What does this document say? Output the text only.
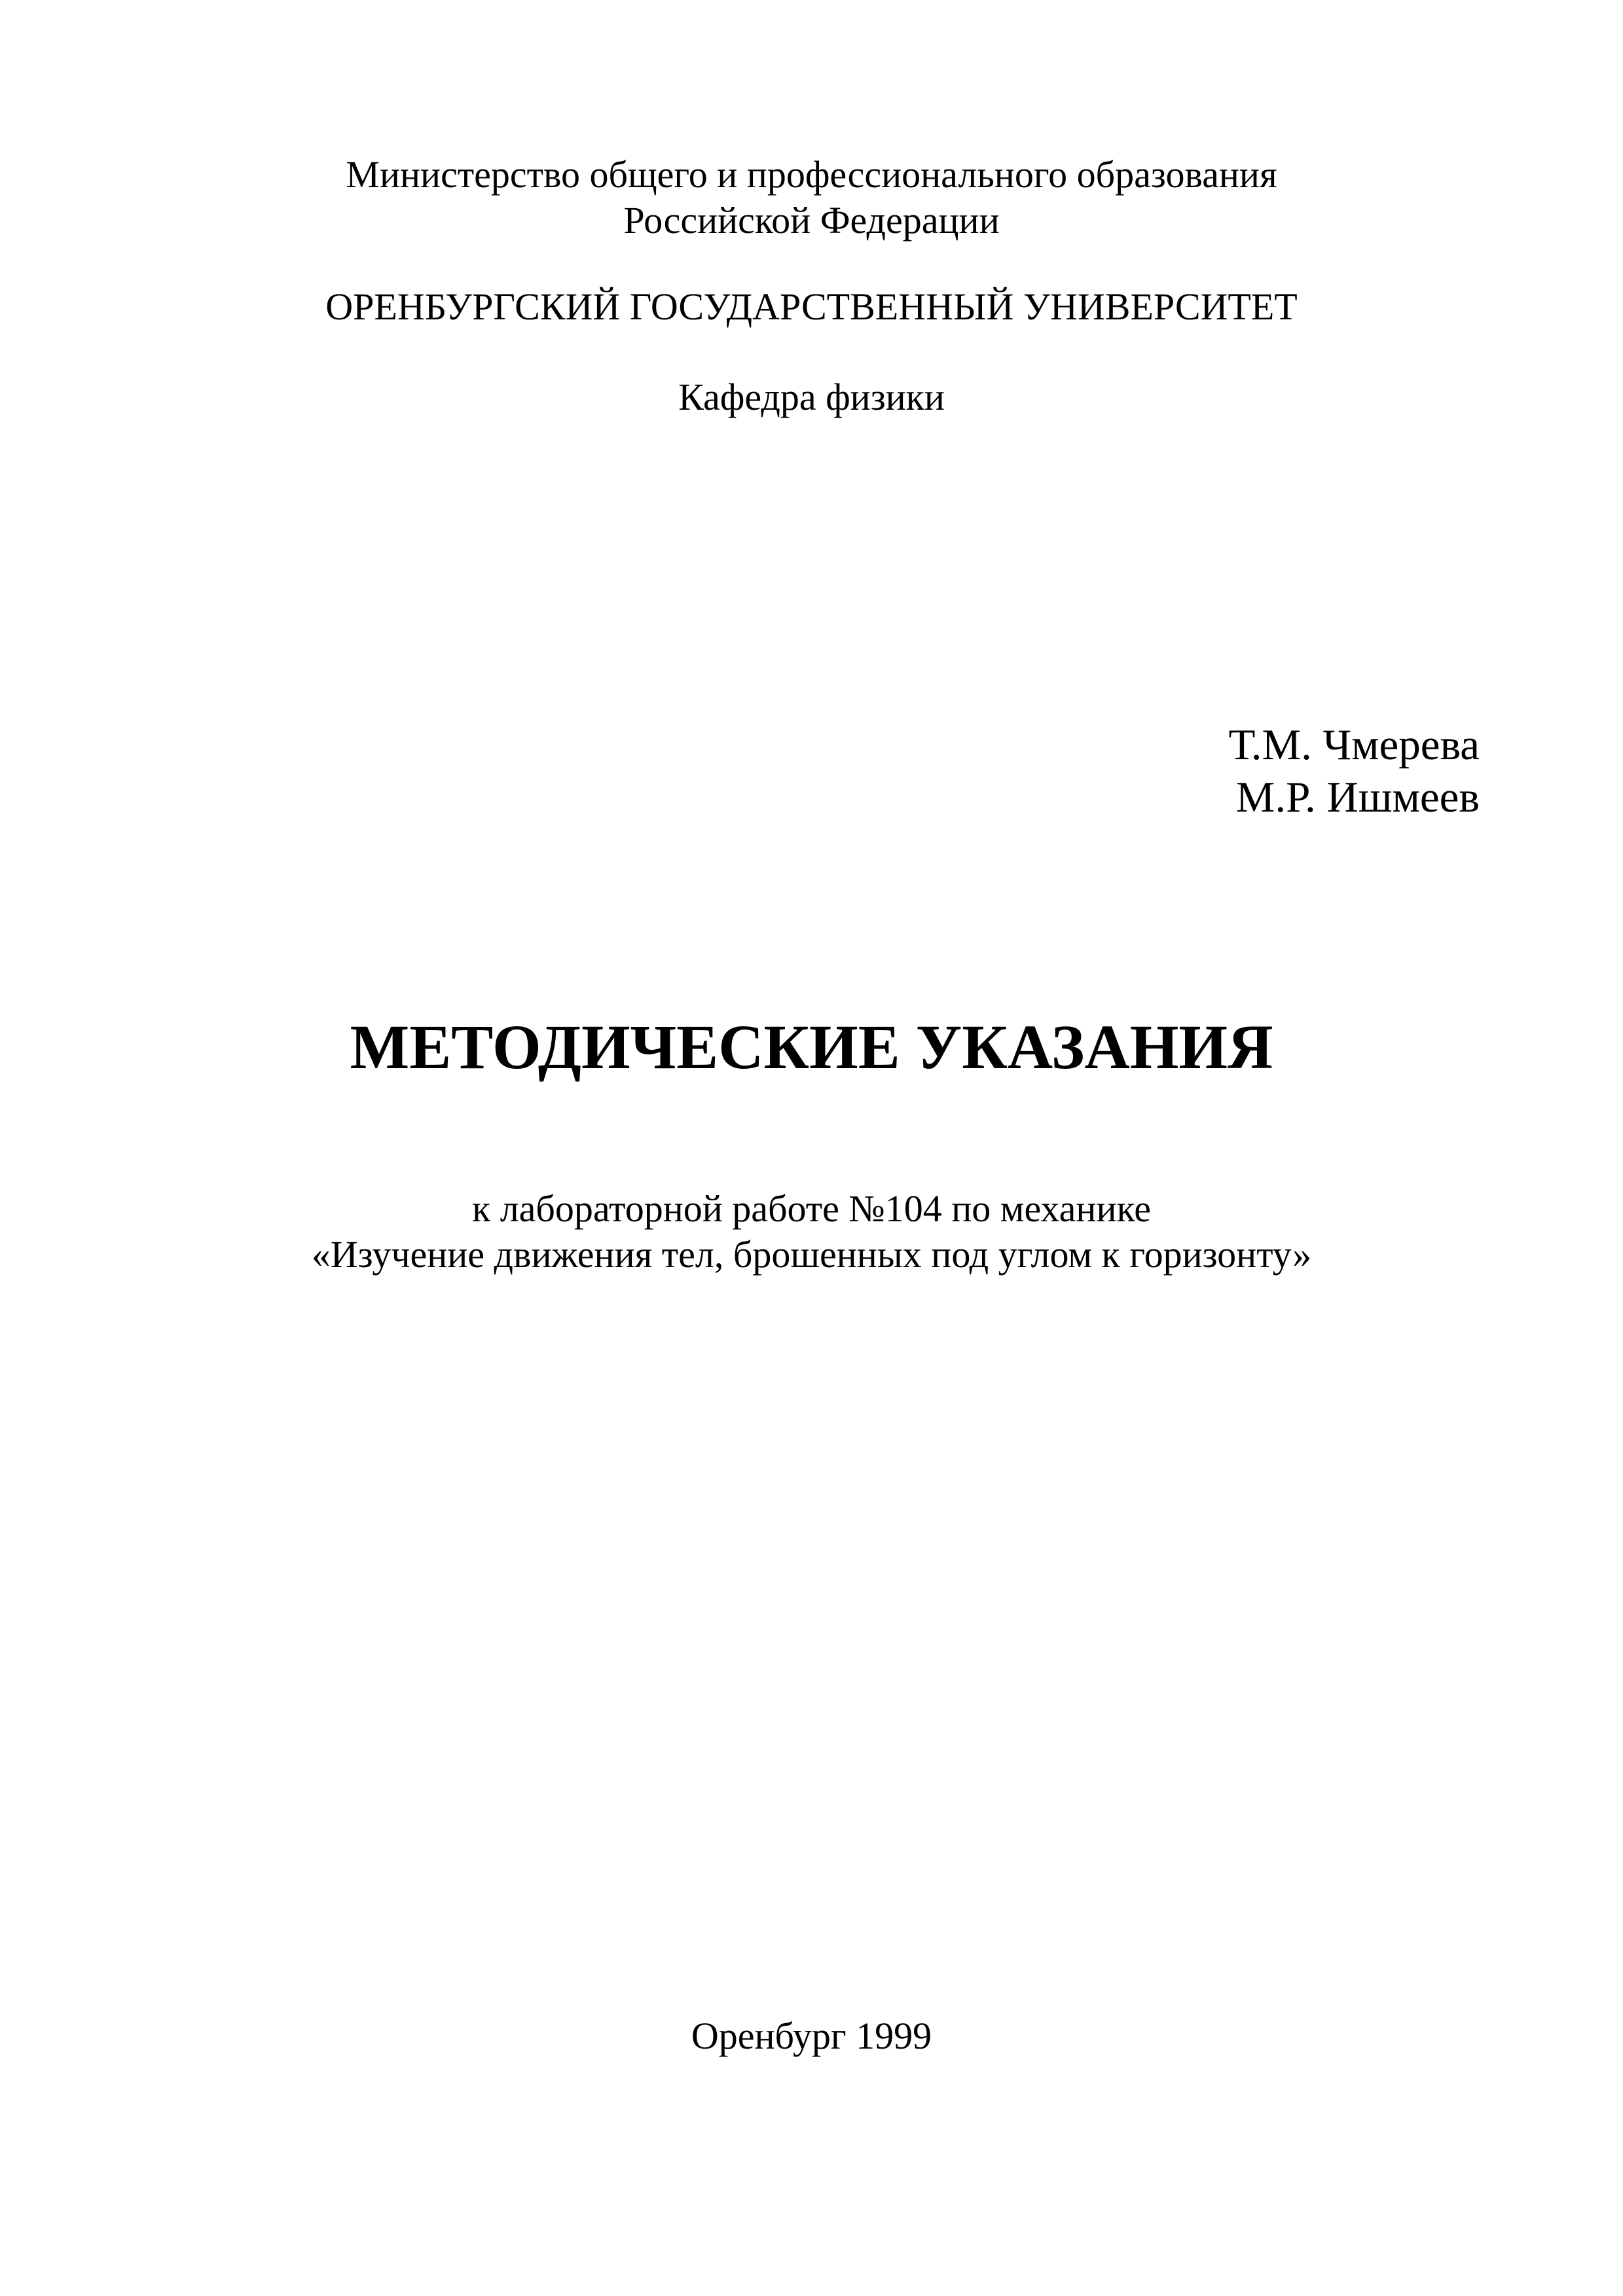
Министерство общего и профессионального образования
Российской Федерации
ОРЕНБУРГСКИЙ ГОСУДАРСТВЕННЫЙ УНИВЕРСИТЕТ
Кафедра физики
Т.М. Чмерева
М.Р. Ишмеев
МЕТОДИЧЕСКИЕ УКАЗАНИЯ
к лабораторной работе №104 по механике
«Изучение движения тел, брошенных под углом к горизонту»
Оренбург 1999
